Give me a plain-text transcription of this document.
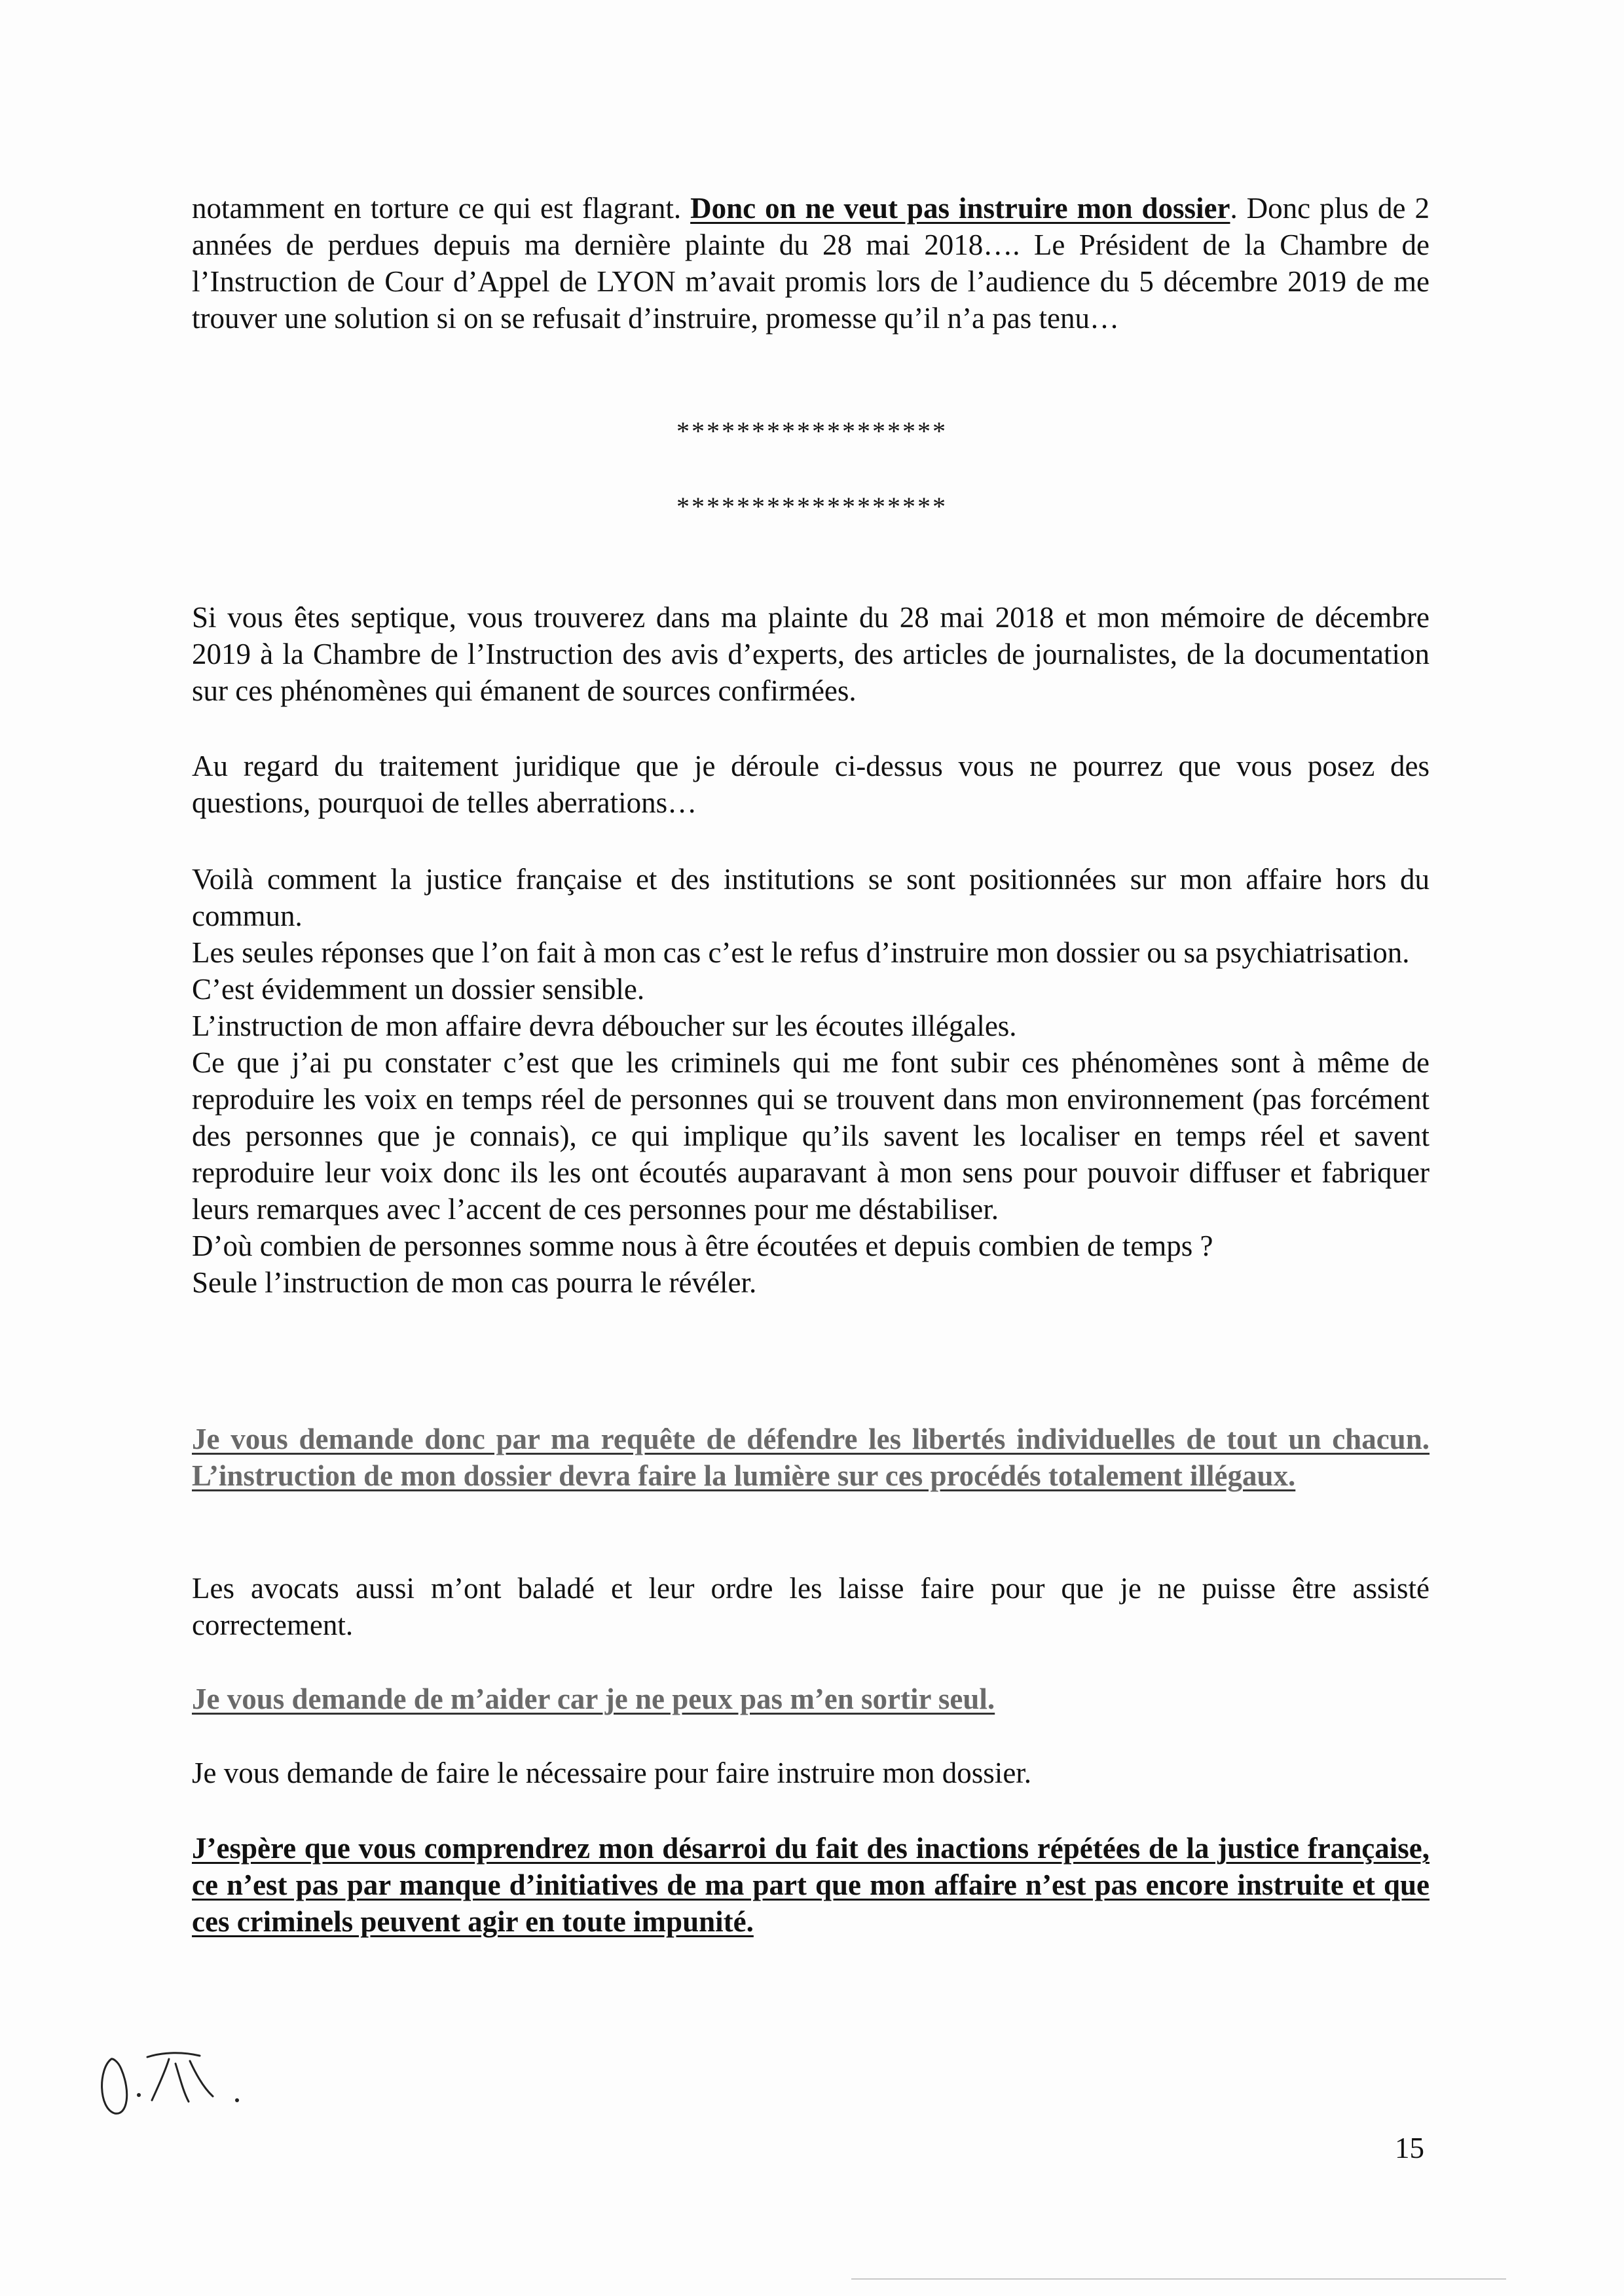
notamment en torture ce qui est flagrant. Donc on ne veut pas instruire mon dossier. Donc plus de 2 années de perdues depuis ma dernière plainte du 28 mai 2018…. Le Président de la Chambre de l’Instruction de Cour d’Appel de LYON m’avait promis lors de l’audience du 5 décembre 2019 de me trouver une solution si on se refusait d’instruire, promesse qu’il n’a pas tenu…

******************
******************

Si vous êtes septique, vous trouverez dans ma plainte du 28 mai 2018 et mon mémoire de décembre 2019 à la Chambre de l’Instruction des avis d’experts, des articles de journalistes, de la documentation sur ces phénomènes qui émanent de sources confirmées.

Au regard du traitement juridique que je déroule ci-dessus vous ne pourrez que vous posez des questions, pourquoi de telles aberrations…

Voilà comment la justice française et des institutions se sont positionnées sur mon affaire hors du commun.

Les seules réponses que l’on fait à mon cas c’est le refus d’instruire mon dossier ou sa psychiatrisation.

C’est évidemment un dossier sensible.

L’instruction de mon affaire devra déboucher sur les écoutes illégales.

Ce que j’ai pu constater c’est que les criminels qui me font subir ces phénomènes sont à même de reproduire les voix en temps réel de personnes qui se trouvent dans mon environnement (pas forcément des personnes que je connais), ce qui implique qu’ils savent les localiser en temps réel et savent reproduire leur voix donc ils les ont écoutés auparavant à mon sens pour pouvoir diffuser et fabriquer leurs remarques avec l’accent de ces personnes pour me déstabiliser.

D’où combien de personnes somme nous à être écoutées et depuis combien de temps ?

Seule l’instruction de mon cas pourra le révéler.

Je vous demande donc par ma requête de défendre les libertés individuelles de tout un chacun. L’instruction de mon dossier devra faire la lumière sur ces procédés totalement illégaux.

Les avocats aussi m’ont baladé et leur ordre les laisse faire pour que je ne puisse être assisté correctement.

Je vous demande de m’aider car je ne peux pas m’en sortir seul.

Je vous demande de faire le nécessaire pour faire instruire mon dossier.

J’espère que vous comprendrez mon désarroi du fait des inactions répétées de la justice française, ce n’est pas par manque d’initiatives de ma part que mon affaire n’est pas encore instruite et que ces criminels peuvent agir en toute impunité.

15
